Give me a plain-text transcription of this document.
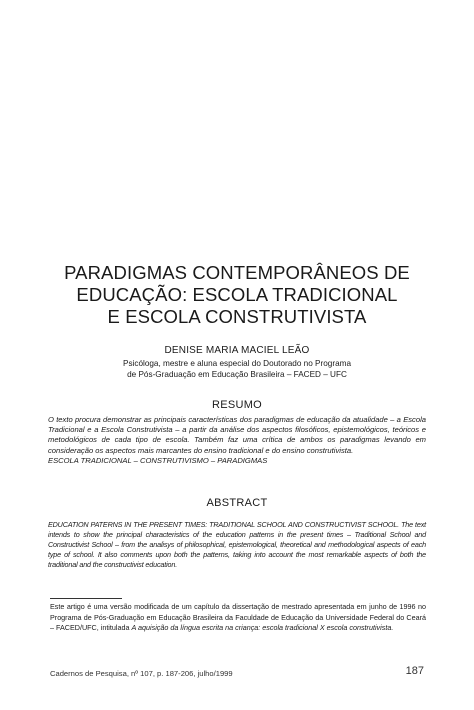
PARADIGMAS CONTEMPORÂNEOS DE
EDUCAÇÃO: ESCOLA TRADICIONAL
E ESCOLA CONSTRUTIVISTA
DENISE MARIA MACIEL LEÃO
Psicóloga, mestre e aluna especial do Doutorado no Programa
de Pós-Graduação em Educação Brasileira – FACED – UFC
RESUMO
O texto procura demonstrar as principais características dos paradigmas de educação da atualidade – a Escola Tradicional e a Escola Construtivista – a partir da análise dos aspectos filosóficos, epistemológicos, teóricos e metodológicos de cada tipo de escola. Também faz uma crítica de ambos os paradigmas levando em consideração os aspectos mais marcantes do ensino tradicional e do ensino construtivista.
ESCOLA TRADICIONAL – CONSTRUTIVISMO – PARADIGMAS
ABSTRACT
EDUCATION PATERNS IN THE PRESENT TIMES: TRADITIONAL SCHOOL AND CONSTRUCTIVIST SCHOOL. The text intends to show the principal characteristics of the education patterns in the present times – Traditional School and Constructivist School – from the analisys of philosophical, epistemological, theoretical and methodological aspects of each type of school. It also comments upon both the patterns, taking into account the most remarkable aspects of both the traditional and the constructivist education.
Este artigo é uma versão modificada de um capítulo da dissertação de mestrado apresentada em junho de 1996 no Programa de Pós-Graduação em Educação Brasileira da Faculdade de Educação da Universidade Federal do Ceará – FACED/UFC, intitulada A aquisição da língua escrita na criança: escola tradicional X escola construtivista.
Cadernos de Pesquisa, nº 107, p. 187-206, julho/1999	187
